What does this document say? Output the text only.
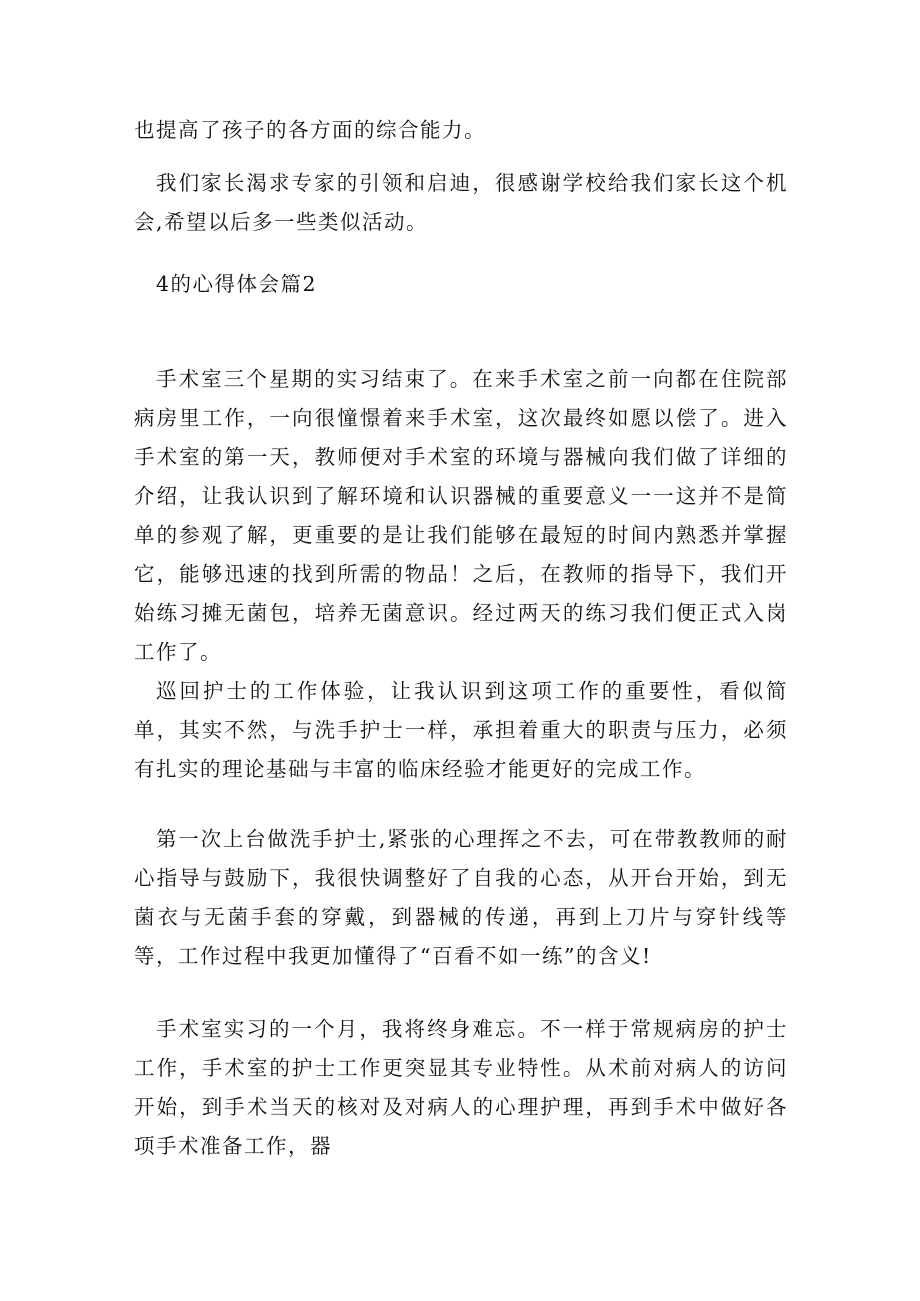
也提高了孩子的各方面的综合能力。

我们家长渴求专家的引领和启迪，很感谢学校给我们家长这个机会,希望以后多一些类似活动。

4的心得体会篇2

手术室三个星期的实习结束了。在来手术室之前一向都在住院部病房里工作，一向很憧憬着来手术室，这次最终如愿以偿了。进入手术室的第一天，教师便对手术室的环境与器械向我们做了详细的介绍，让我认识到了解环境和认识器械的重要意义一一这并不是简单的参观了解，更重要的是让我们能够在最短的时间内熟悉并掌握它，能够迅速的找到所需的物品！之后，在教师的指导下，我们开始练习摊无菌包，培养无菌意识。经过两天的练习我们便正式入岗工作了。

巡回护士的工作体验，让我认识到这项工作的重要性，看似简单，其实不然，与洗手护士一样，承担着重大的职责与压力，必须有扎实的理论基础与丰富的临床经验才能更好的完成工作。

第一次上台做洗手护士,紧张的心理挥之不去，可在带教教师的耐心指导与鼓励下，我很快调整好了自我的心态，从开台开始，到无菌衣与无菌手套的穿戴，到器械的传递，再到上刀片与穿针线等等，工作过程中我更加懂得了“百看不如一练”的含义!

手术室实习的一个月，我将终身难忘。不一样于常规病房的护士工作，手术室的护士工作更突显其专业特性。从术前对病人的访问开始，到手术当天的核对及对病人的心理护理，再到手术中做好各项手术准备工作，器
